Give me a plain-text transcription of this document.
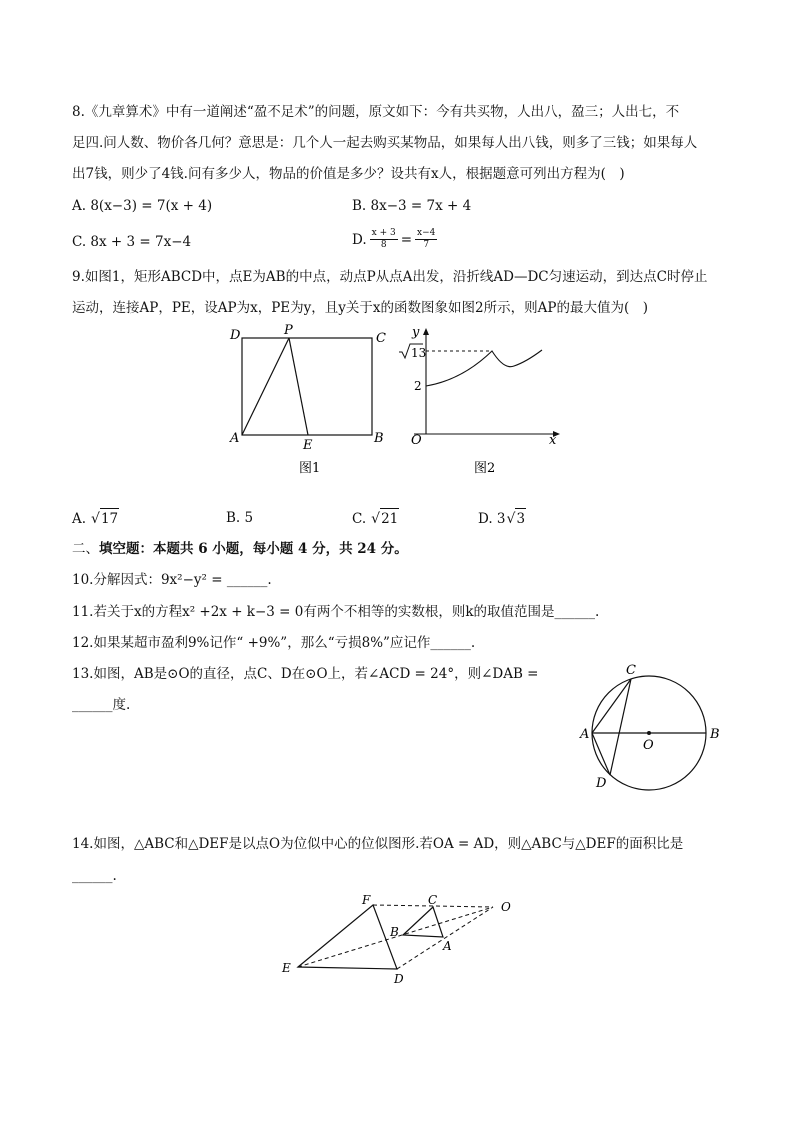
8.《九章算术》中有一道阐述“盈不足术”的问题，原文如下：今有共买物，人出八，盈三；人出七，不
足四.问人数、物价各几何？意思是：几个人一起去购买某物品，如果每人出八钱，则多了三钱；如果每人
出7钱，则少了4钱.问有多少人，物品的价值是多少？设共有x人，根据题意可列出方程为(　)
A. 8(x−3) = 7(x + 4)	B. 8x−3 = 7x + 4
C. 8x + 3 = 7x−4	D. $\frac{x + 3}{8} = \frac{x-4}{7}$
9.如图1，矩形ABCD中，点E为AB的中点，动点P从点A出发，沿折线AD—DC匀速运动，到达点C时停止
运动，连接AP，PE，设AP为x，PE为y，且y关于x的函数图象如图2所示，则AP的最大值为(　)
D	P
C
A	E	B
图1
y
x
O
13
2
图2
A. √ 17	B. 5	C. √ 21	D. 3 √ 3
二、填空题：本题共 6 小题，每小题 4 分，共 24 分。
10.分解因式：9x²−y² = ______.
11.若关于x的方程x² +2x + k−3 = 0有两个不相等的实数根，则k的取值范围是______.
12.如果某超市盈利9%记作“ +9%”，那么“亏损8%”应记作______.
13.如图，AB是⊙O的直径，点C、D在⊙O上，若∠ACD = 24°，则∠DAB =
______度.
A	B
C
D
O
14.如图，△ABC和△DEF是以点O为位似中心的位似图形.若OA = AD，则△ABC与△DEF的面积比是
______.
F
E
D
C
B
A
O
